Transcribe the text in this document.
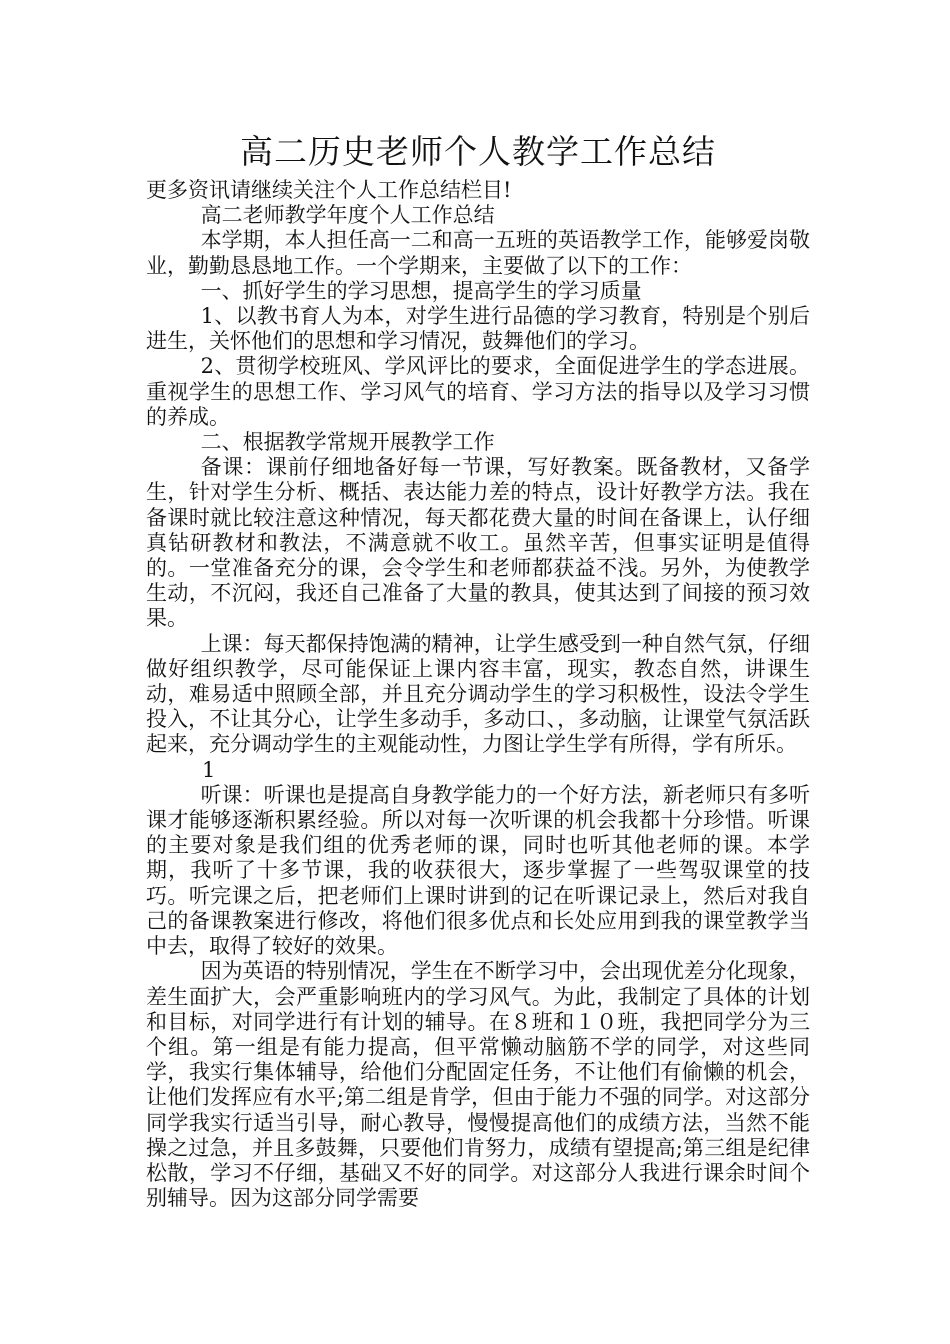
高二历史老师个人教学工作总结

更多资讯请继续关注个人工作总结栏目!

高二老师教学年度个人工作总结

本学期，本人担任高一二和高一五班的英语教学工作，能够爱岗敬业，勤勤恳恳地工作。一个学期来，主要做了以下的工作：

一、抓好学生的学习思想，提高学生的学习质量

1、以教书育人为本，对学生进行品德的学习教育，特别是个别后进生，关怀他们的思想和学习情况，鼓舞他们的学习。

2、贯彻学校班风、学风评比的要求，全面促进学生的学态进展。重视学生的思想工作、学习风气的培育、学习方法的指导以及学习习惯的养成。

二、根据教学常规开展教学工作

备课：课前仔细地备好每一节课，写好教案。既备教材，又备学生，针对学生分析、概括、表达能力差的特点，设计好教学方法。我在备课时就比较注意这种情况，每天都花费大量的时间在备课上，认仔细真钻研教材和教法，不满意就不收工。虽然辛苦，但事实证明是值得的。一堂准备充分的课，会令学生和老师都获益不浅。另外，为使教学生动，不沉闷，我还自己准备了大量的教具，使其达到了间接的预习效果。

上课：每天都保持饱满的精神，让学生感受到一种自然气氛，仔细做好组织教学，尽可能保证上课内容丰富，现实，教态自然，讲课生动，难易适中照顾全部，并且充分调动学生的学习积极性，设法令学生投入，不让其分心，让学生多动手，多动口、，多动脑，让课堂气氛活跃起来，充分调动学生的主观能动性，力图让学生学有所得，学有所乐。

1

听课：听课也是提高自身教学能力的一个好方法，新老师只有多听课才能够逐渐积累经验。所以对每一次听课的机会我都十分珍惜。听课的主要对象是我们组的优秀老师的课，同时也听其他老师的课。本学期，我听了十多节课，我的收获很大，逐步掌握了一些驾驭课堂的技巧。听完课之后，把老师们上课时讲到的记在听课记录上，然后对我自己的备课教案进行修改，将他们很多优点和长处应用到我的课堂教学当中去，取得了较好的效果。

因为英语的特别情况，学生在不断学习中，会出现优差分化现象，差生面扩大，会严重影响班内的学习风气。为此，我制定了具体的计划和目标，对同学进行有计划的辅导。在８班和１０班，我把同学分为三个组。第一组是有能力提高，但平常懒动脑筋不学的同学，对这些同学，我实行集体辅导，给他们分配固定任务，不让他们有偷懒的机会，让他们发挥应有水平;第二组是肯学，但由于能力不强的同学。对这部分同学我实行适当引导，耐心教导，慢慢提高他们的成绩方法，当然不能操之过急，并且多鼓舞，只要他们肯努力，成绩有望提高;第三组是纪律松散，学习不仔细，基础又不好的同学。对这部分人我进行课余时间个别辅导。因为这部分同学需要
